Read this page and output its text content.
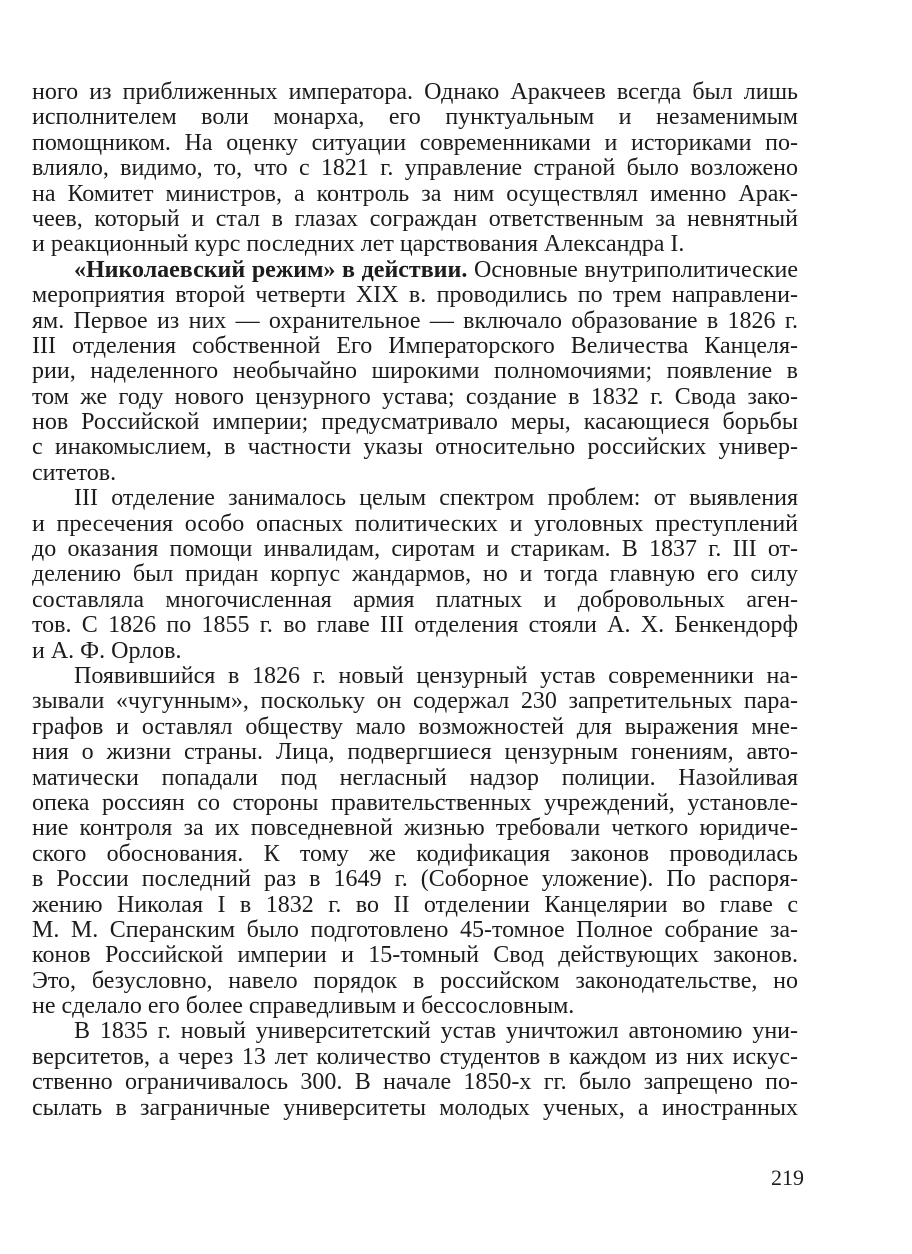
ного из приближенных императора. Однако Аракчеев всегда был лишь
исполнителем воли монарха, его пунктуальным и незаменимым
помощником. На оценку ситуации современниками и историками по-
влияло, видимо, то, что с 1821 г. управление страной было возложено
на Комитет министров, а контроль за ним осуществлял именно Арак-
чеев, который и стал в глазах сограждан ответственным за невнятный
и реакционный курс последних лет царствования Александра I.
«Николаевский режим» в действии. Основные внутриполитические
мероприятия второй четверти XIX в. проводились по трем направлени-
ям. Первое из них — охранительное — включало образование в 1826 г.
III отделения собственной Его Императорского Величества Канцеля-
рии, наделенного необычайно широкими полномочиями; появление в
том же году нового цензурного устава; создание в 1832 г. Свода зако-
нов Российской империи; предусматривало меры, касающиеся борьбы
с инакомыслием, в частности указы относительно российских универ-
ситетов.
III отделение занималось целым спектром проблем: от выявления
и пресечения особо опасных политических и уголовных преступлений
до оказания помощи инвалидам, сиротам и старикам. В 1837 г. III от-
делению был придан корпус жандармов, но и тогда главную его силу
составляла многочисленная армия платных и добровольных аген-
тов. С 1826 по 1855 г. во главе III отделения стояли А. Х. Бенкендорф
и А. Ф. Орлов.
Появившийся в 1826 г. новый цензурный устав современники на-
зывали «чугунным», поскольку он содержал 230 запретительных пара-
графов и оставлял обществу мало возможностей для выражения мне-
ния о жизни страны. Лица, подвергшиеся цензурным гонениям, авто-
матически попадали под негласный надзор полиции. Назойливая
опека россиян со стороны правительственных учреждений, установле-
ние контроля за их повседневной жизнью требовали четкого юридиче-
ского обоснования. К тому же кодификация законов проводилась
в России последний раз в 1649 г. (Соборное уложение). По распоря-
жению Николая I в 1832 г. во II отделении Канцелярии во главе с
М. М. Сперанским было подготовлено 45-томное Полное собрание за-
конов Российской империи и 15-томный Свод действующих законов.
Это, безусловно, навело порядок в российском законодательстве, но
не сделало его более справедливым и бессословным.
В 1835 г. новый университетский устав уничтожил автономию уни-
верситетов, а через 13 лет количество студентов в каждом из них искус-
ственно ограничивалось 300. В начале 1850-х гг. было запрещено по-
сылать в заграничные университеты молодых ученых, а иностранных
219
